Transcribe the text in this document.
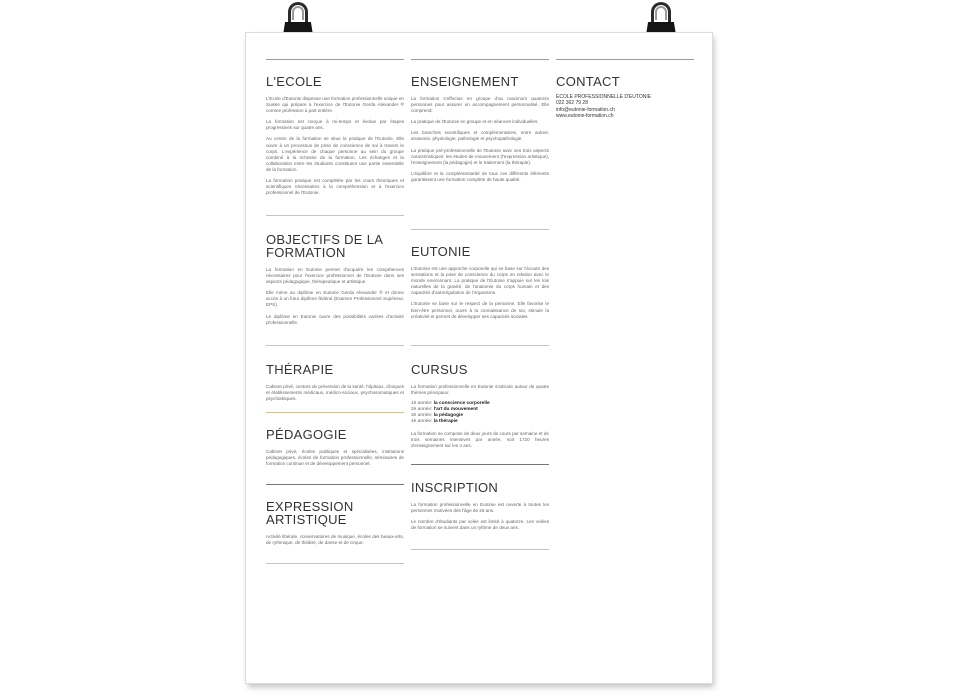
L'ECOLE

L'Ecole d'Eutonie dispense une formation professionnelle unique en Suisse qui prépare à l'exercice de l'Eutonie Gerda Alexander ® comme profession à part entière.

La formation est conçue à mi-temps et évolue par étapes progressives sur quatre ans.

Au centre de la formation se situe la pratique de l'Eutonie. Elle ouvre à un processus de prise de conscience de soi à travers le corps. L'expérience de chaque personne au sein du groupe combiné à la richesse de la formation. Les échanges et la collaboration entre les étudiants constituent une partie essentielle de la formation.

La formation pratique est complétée par les cours théoriques et scientifiques nécessaires à la compréhension et à l'exercice professionnel de l'Eutonie.

OBJECTIFS DE LA FORMATION

La formation en Eutonie permet d'acquérir les compétences nécessaires pour l'exercice professionnel de l'Eutonie dans ses aspects pédagogique, thérapeutique et artistique.

Elle mène au diplôme en Eutonie Gerda Alexander ® et donne accès à un futur diplôme fédéral (Examen Professionnel Supérieur, EPS).

Le diplôme en Eutonie ouvre des possibilités variées d'activité professionnelle.

THÉRAPIE

Cabinet privé, centres de prévention de la santé, hôpitaux, cliniques et établissements médicaux, médico-sociaux, psychosomatiques et psychiatriques.

PÉDAGOGIE

Cabinet privé, écoles publiques et spécialisées, institutions pédagogiques, écoles de formation professionnelle, séminaires de formation continue et de développement personnel.

EXPRESSION ARTISTIQUE

Activité libérale, conservatoires de musique, écoles des beaux-arts, de rythmique, de théâtre, de danse et de cirque.

ENSEIGNEMENT

La formation s'effectue en groupe d'au maximum quatorze personnes pour assurer un accompagnement personnalisé. Elle comprend:

La pratique de l'Eutonie en groupe et en séances individuelles.

Les branches scientifiques et complémentaires, entre autres: anatomie, physiologie, pathologie et psychopathologie.

La pratique pré-professionnelle de l'Eutonie avec ses trois aspects caractéristiques: les études de mouvement (l'expression artistique), l'enseignement (la pédagogie) et le traitement (la thérapie).

L'équilibre et la complémentarité de tous ces différents éléments garantissent une formation complète de haute qualité.

EUTONIE

L'Eutonie est une approche corporelle qui se base sur l'écoute des sensations et la prise de conscience du corps en relation avec le monde environnant. La pratique de l'Eutonie s'appuie sur les lois naturelles de la gravité, de l'anatomie du corps humain et des capacités d'autorégulation de l'organisme.

L'Eutonie se base sur le respect de la personne. Elle favorise le bien-être personnel, ouvre à la connaissance de soi, stimule la créativité et permet de développer ses capacités sociales.

CURSUS

La formation professionnelle en Eutonie s'articule autour de quatre thèmes principaux:

1è année: la conscience corporelle
2è année: l'art du mouvement
3è année: la pédagogie
4è année: la thérapie

La formation se compose de deux jours de cours par semaine et de trois semaines intensives par année, soit 1720 heures d'enseignement sur les 4 ans.

INSCRIPTION

La formation professionnelle en Eutonie est ouverte à toutes les personnes motivées dès l'âge de 25 ans.

Le nombre d'étudiants par volée est limité à quatorze. Les volées de formation se suivent dans un rythme de deux ans.

CONTACT
ECOLE PROFESSIONNELLE D'EUTONIE
022 362 79 28
info@eutonie-formation.ch
www.eutonie-formation.ch
